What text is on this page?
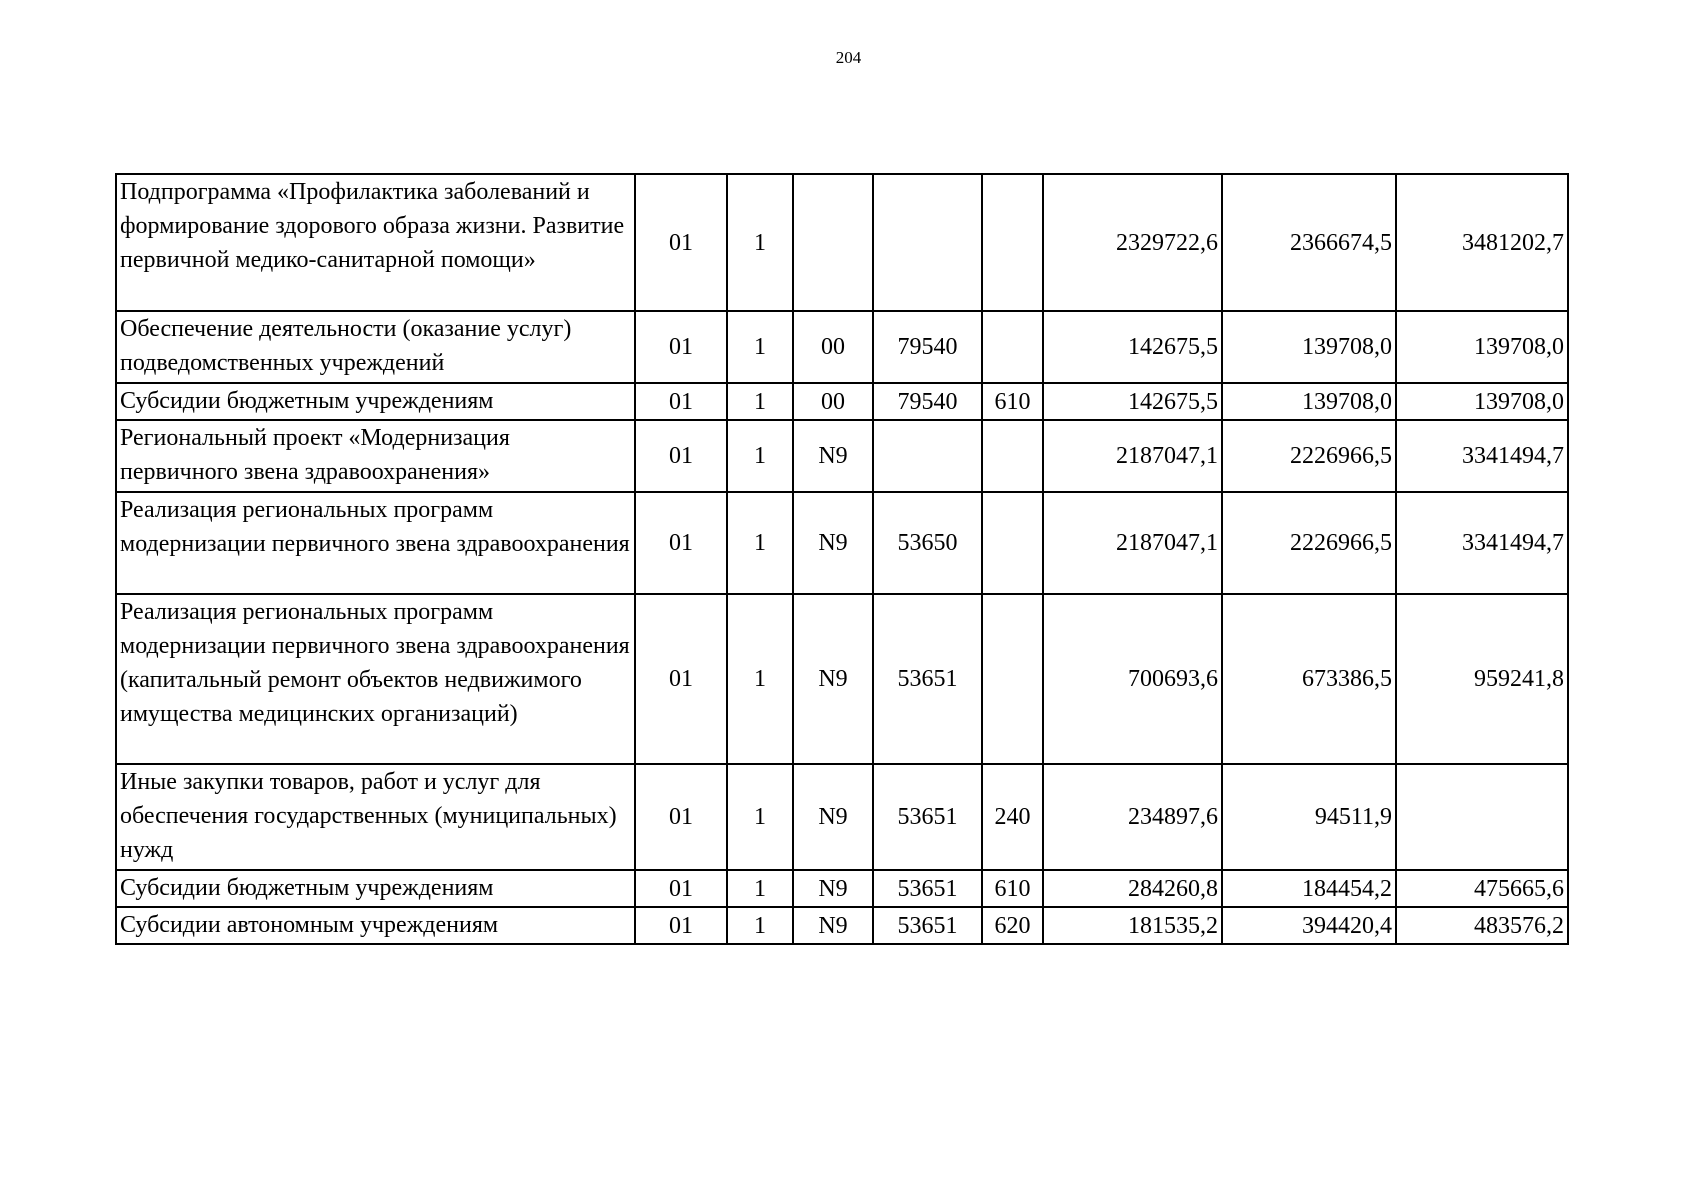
204
Подпрограмма «Профилактика заболеваний и формирование здорового образа жизни. Развитие первичной медико-санитарной помощи»	01	1				2329722,6	2366674,5	3481202,7
Обеспечение деятельности (оказание услуг) подведомственных учреждений	01	1	00	79540		142675,5	139708,0	139708,0
Субсидии бюджетным учреждениям	01	1	00	79540	610	142675,5	139708,0	139708,0
Региональный проект «Модернизация первичного звена здравоохранения»	01	1	N9			2187047,1	2226966,5	3341494,7
Реализация региональных программ модернизации первичного звена здравоохранения	01	1	N9	53650		2187047,1	2226966,5	3341494,7
Реализация региональных программ модернизации первичного звена здравоохранения (капитальный ремонт объектов недвижимого имущества медицинских организаций)	01	1	N9	53651		700693,6	673386,5	959241,8
Иные закупки товаров, работ и услуг для обеспечения государственных (муниципальных) нужд	01	1	N9	53651	240	234897,6	94511,9	
Субсидии бюджетным учреждениям	01	1	N9	53651	610	284260,8	184454,2	475665,6
Субсидии автономным учреждениям	01	1	N9	53651	620	181535,2	394420,4	483576,2
